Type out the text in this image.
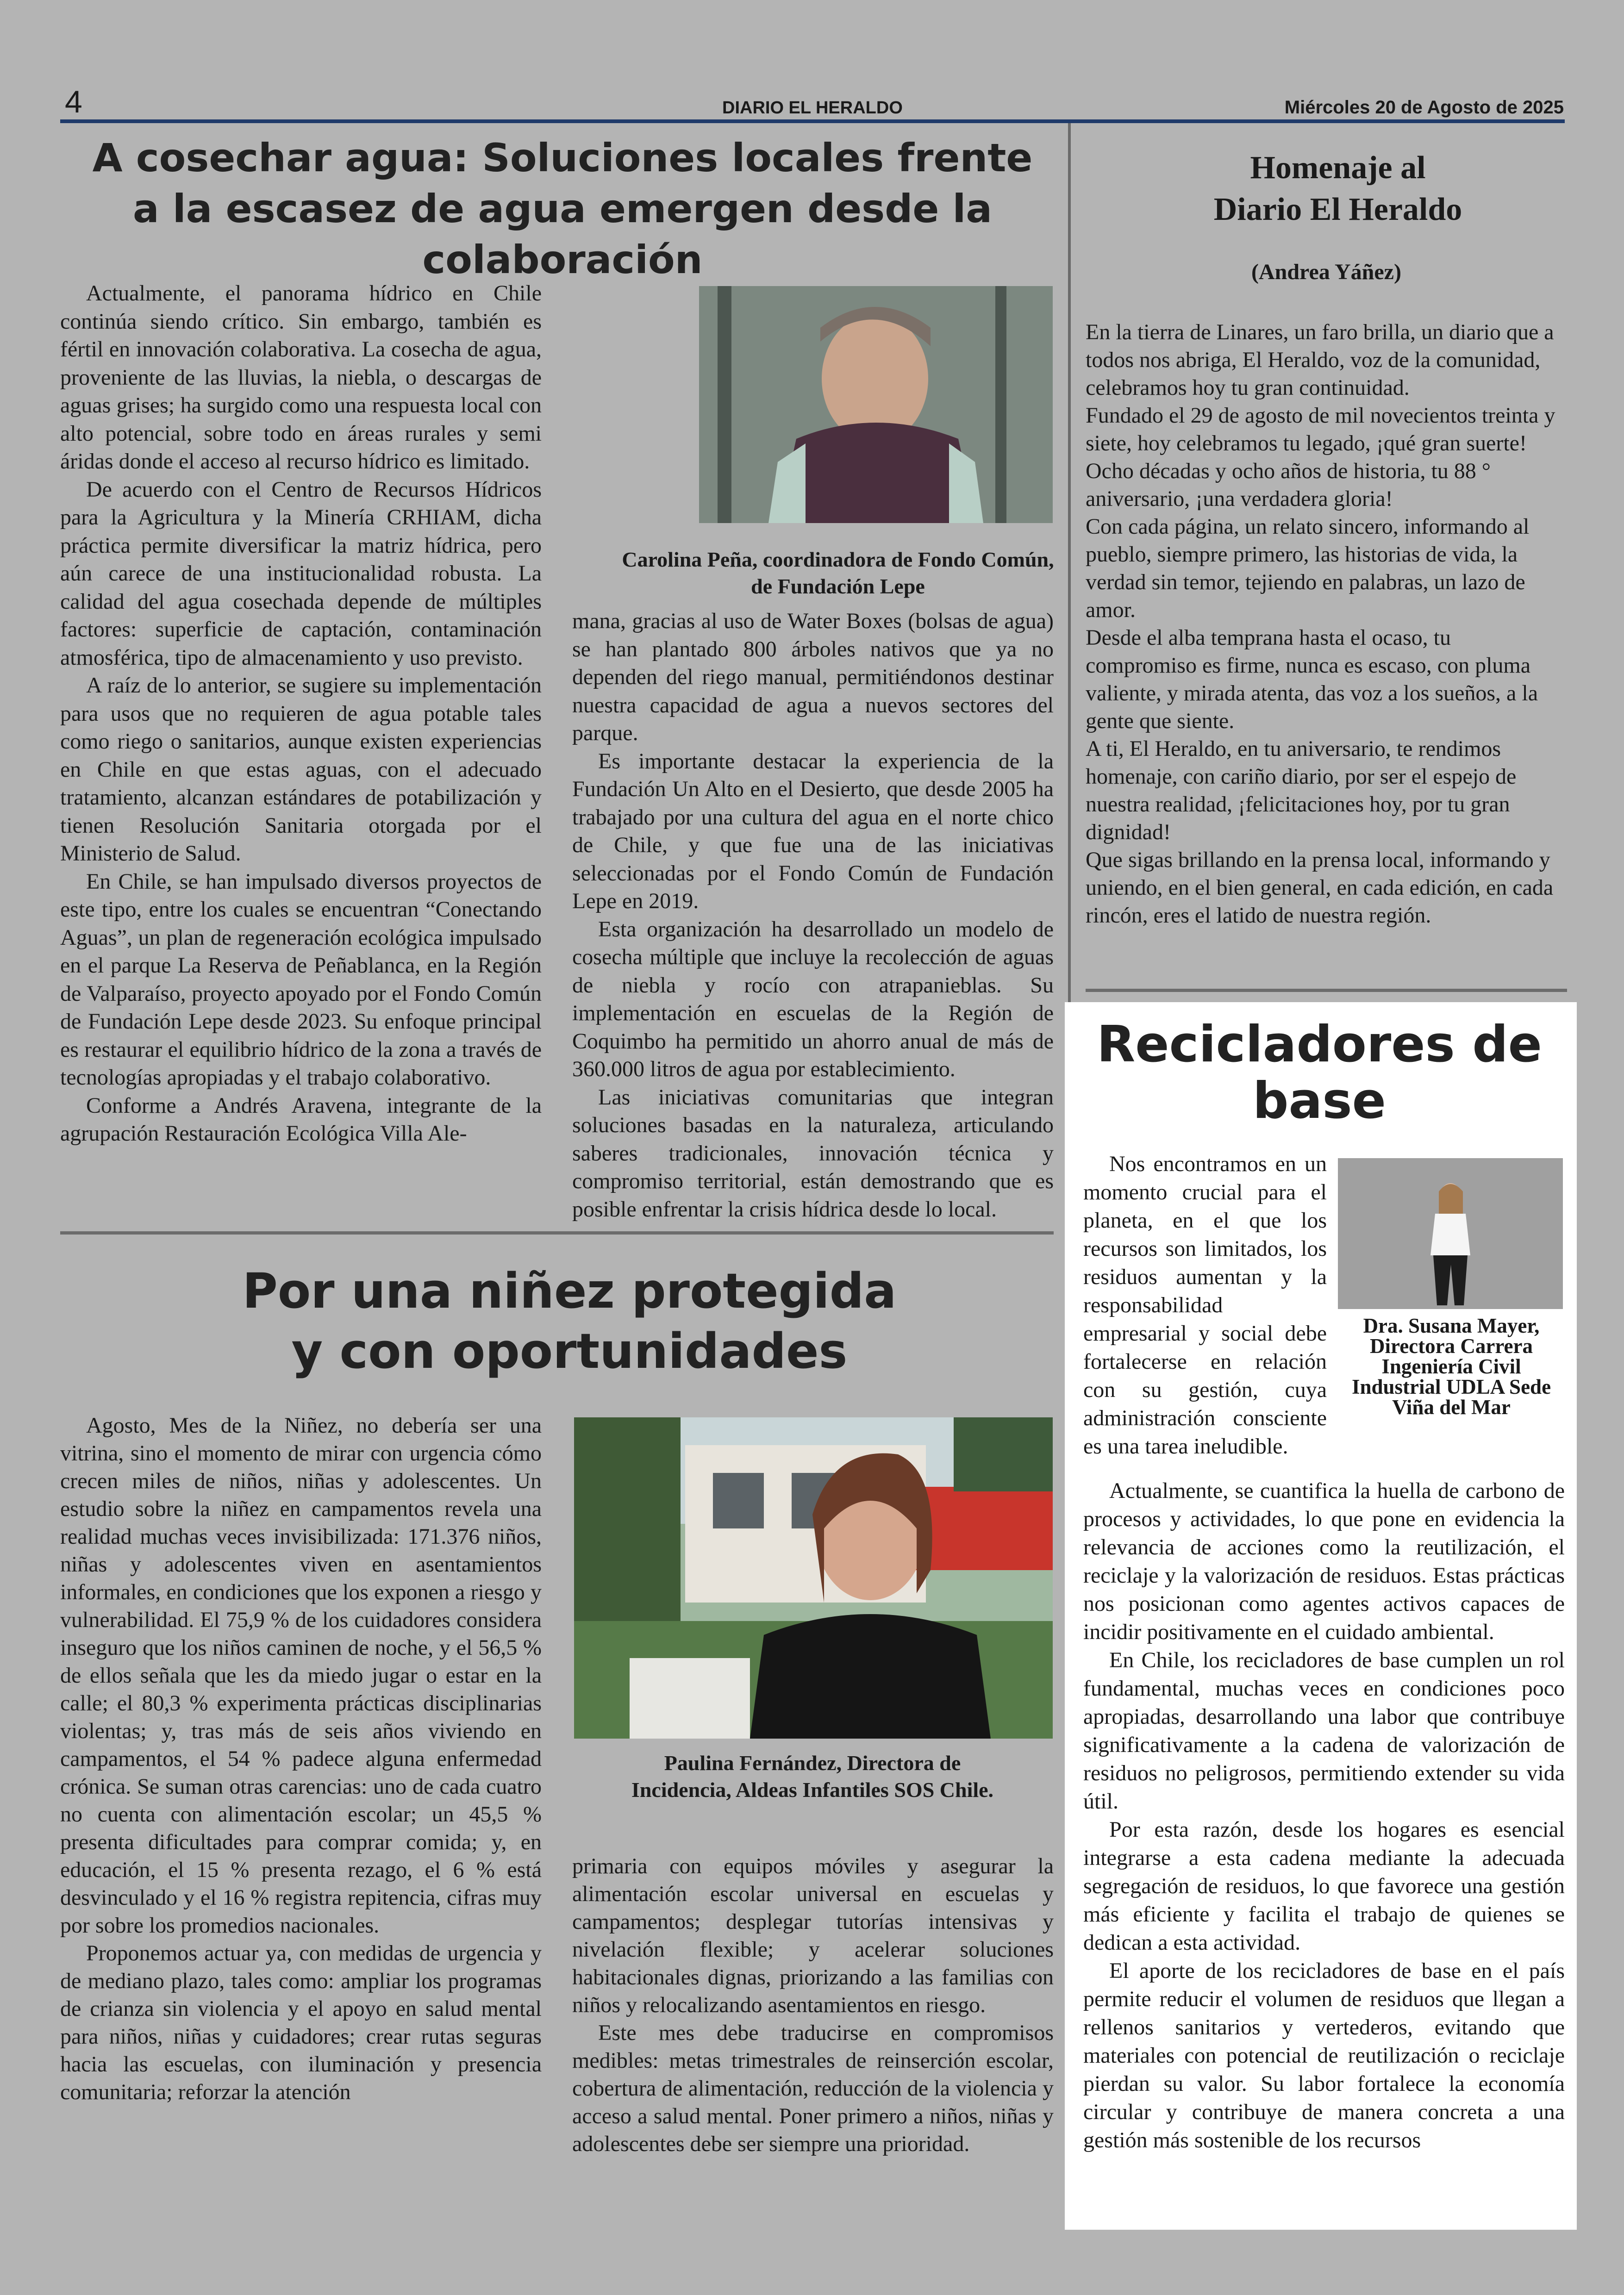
4	DIARIO EL HERALDO	Miércoles 20 de Agosto de 2025
A cosechar agua: Soluciones locales frente a la escasez de agua emergen desde la colaboración

Actualmente, el panorama hídrico en Chile continúa siendo crítico. Sin embargo, también es fértil en innovación colaborativa. La cosecha de agua, proveniente de las lluvias, la niebla, o descargas de aguas grises; ha surgido como una respuesta local con alto potencial, sobre todo en áreas rurales y semi áridas donde el acceso al recurso hídrico es limitado.

De acuerdo con el Centro de Recursos Hídricos para la Agricultura y la Minería CRHIAM, dicha práctica permite diversificar la matriz hídrica, pero aún carece de una institucionalidad robusta. La calidad del agua cosechada depende de múltiples factores: superficie de captación, contaminación atmosférica, tipo de almacenamiento y uso previsto.

A raíz de lo anterior, se sugiere su implementación para usos que no requieren de agua potable tales como riego o sanitarios, aunque existen experiencias en Chile en que estas aguas, con el adecuado tratamiento, alcanzan estándares de potabilización y tienen Resolución Sanitaria otorgada por el Ministerio de Salud.

En Chile, se han impulsado diversos proyectos de este tipo, entre los cuales se encuentran “Conectando Aguas”, un plan de regeneración ecológica impulsado en el parque La Reserva de Peñablanca, en la Región de Valparaíso, proyecto apoyado por el Fondo Común de Fundación Lepe desde 2023. Su enfoque principal es restaurar el equilibrio hídrico de la zona a través de tecnologías apropiadas y el trabajo colaborativo.

Conforme a Andrés Aravena, integrante de la agrupación Restauración Ecológica Villa Ale-

Carolina Peña, coordinadora de Fondo Común, de Fundación Lepe

mana, gracias al uso de Water Boxes (bolsas de agua) se han plantado 800 árboles nativos que ya no dependen del riego manual, permitiéndonos destinar nuestra capacidad de agua a nuevos sectores del parque.

Es importante destacar la experiencia de la Fundación Un Alto en el Desierto, que desde 2005 ha trabajado por una cultura del agua en el norte chico de Chile, y que fue una de las iniciativas seleccionadas por el Fondo Común de Fundación Lepe en 2019.

Esta organización ha desarrollado un modelo de cosecha múltiple que incluye la recolección de aguas de niebla y rocío con atrapanieblas. Su implementación en escuelas de la Región de Coquimbo ha permitido un ahorro anual de más de 360.000 litros de agua por establecimiento.

Las iniciativas comunitarias que integran soluciones basadas en la naturaleza, articulando saberes tradicionales, innovación técnica y compromiso territorial, están demostrando que es posible enfrentar la crisis hídrica desde lo local.

Homenaje al
Diario El Heraldo
(Andrea Yáñez)

En la tierra de Linares, un faro brilla, un diario que a todos nos abriga, El Heraldo, voz de la comunidad, celebramos hoy tu gran continuidad.

Fundado el 29 de agosto de mil novecientos treinta y siete, hoy celebramos tu legado, ¡qué gran suerte!

Ocho décadas y ocho años de historia, tu 88 ° aniversario, ¡una verdadera gloria!

Con cada página, un relato sincero, informando al pueblo, siempre primero, las historias de vida, la verdad sin temor, tejiendo en palabras, un lazo de amor.

Desde el alba temprana hasta el ocaso, tu compromiso es firme, nunca es escaso, con pluma valiente, y mirada atenta, das voz a los sueños, a la gente que siente.

A ti, El Heraldo, en tu aniversario, te rendimos homenaje, con cariño diario, por ser el espejo de nuestra realidad, ¡felicitaciones hoy, por tu gran dignidad!

Que sigas brillando en la prensa local, informando y uniendo, en el bien general, en cada edición, en cada rincón, eres el latido de nuestra región.

Por una niñez protegida
y con oportunidades

Agosto, Mes de la Niñez, no debería ser una vitrina, sino el momento de mirar con urgencia cómo crecen miles de niños, niñas y adolescentes. Un estudio sobre la niñez en campamentos revela una realidad muchas veces invisibilizada: 171.376 niños, niñas y adolescentes viven en asentamientos informales, en condiciones que los exponen a riesgo y vulnerabilidad. El 75,9 % de los cuidadores considera inseguro que los niños caminen de noche, y el 56,5 % de ellos señala que les da miedo jugar o estar en la calle; el 80,3 % experimenta prácticas disciplinarias violentas; y, tras más de seis años viviendo en campamentos, el 54 % padece alguna enfermedad crónica. Se suman otras carencias: uno de cada cuatro no cuenta con alimentación escolar; un 45,5 % presenta dificultades para comprar comida; y, en educación, el 15 % presenta rezago, el 6 % está desvinculado y el 16 % registra repitencia, cifras muy por sobre los promedios nacionales.

Proponemos actuar ya, con medidas de urgencia y de mediano plazo, tales como: ampliar los programas de crianza sin violencia y el apoyo en salud mental para niños, niñas y cuidadores; crear rutas seguras hacia las escuelas, con iluminación y presencia comunitaria; reforzar la atención

Paulina Fernández, Directora de Incidencia, Aldeas Infantiles SOS Chile.

primaria con equipos móviles y asegurar la alimentación escolar universal en escuelas y campamentos; desplegar tutorías intensivas y nivelación flexible; y acelerar soluciones habitacionales dignas, priorizando a las familias con niños y relocalizando asentamientos en riesgo.

Este mes debe traducirse en compromisos medibles: metas trimestrales de reinserción escolar, cobertura de alimentación, reducción de la violencia y acceso a salud mental. Poner primero a niños, niñas y adolescentes debe ser siempre una prioridad.

Recicladores de
base
Nos encontramos en un momento crucial para el planeta, en el que los recursos son limitados, los residuos aumentan y la responsabilidad empresarial y social debe fortalecerse en relación con su gestión, cuya administración consciente es una tarea ineludible.
Dra. Susana Mayer, Directora Carrera Ingeniería Civil Industrial UDLA Sede Viña del Mar

Actualmente, se cuantifica la huella de carbono de procesos y actividades, lo que pone en evidencia la relevancia de acciones como la reutilización, el reciclaje y la valorización de residuos. Estas prácticas nos posicionan como agentes activos capaces de incidir positivamente en el cuidado ambiental.

En Chile, los recicladores de base cumplen un rol fundamental, muchas veces en condiciones poco apropiadas, desarrollando una labor que contribuye significativamente a la cadena de valorización de residuos no peligrosos, permitiendo extender su vida útil.

Por esta razón, desde los hogares es esencial integrarse a esta cadena mediante la adecuada segregación de residuos, lo que favorece una gestión más eficiente y facilita el trabajo de quienes se dedican a esta actividad.

El aporte de los recicladores de base en el país permite reducir el volumen de residuos que llegan a rellenos sanitarios y vertederos, evitando que materiales con potencial de reutilización o reciclaje pierdan su valor. Su labor fortalece la economía circular y contribuye de manera concreta a una gestión más sostenible de los recursos
